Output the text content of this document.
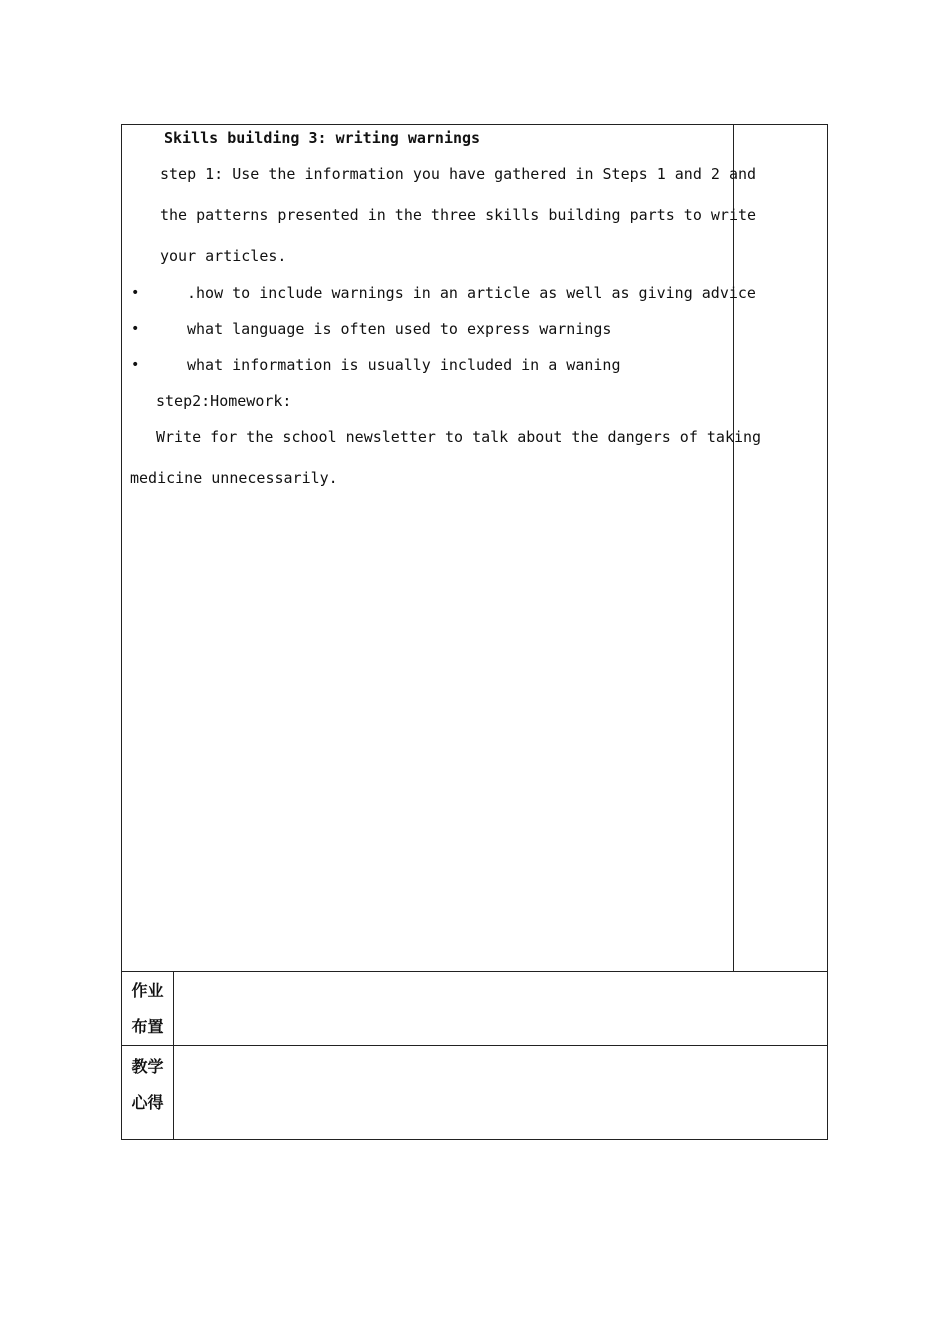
Skills building 3: writing warnings
step 1: Use the information you have gathered in Steps 1 and 2 and
the patterns presented in the three skills building parts to write
your articles.
•	.how to include warnings in an article as well as giving advice
•	what language is often used to express warnings
•	what information is usually included in a waning
step2:Homework:
Write for the school newsletter to talk about the dangers of taking
medicine unnecessarily.
作业
布置
教学
心得
